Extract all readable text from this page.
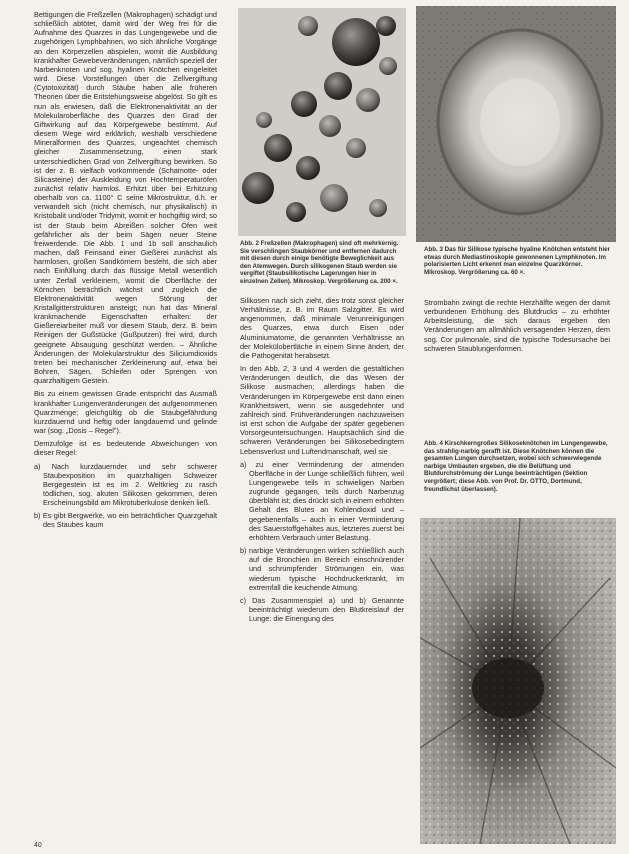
Bettigungen die Freßzellen (Makrophagen) schädigt und schließlich abtötet, damit wird der Weg frei für die Aufnahme des Quarzes in das Lungengewebe und die zugehörigen Lymphbahnen, wo sich ähnliche Vorgänge an den Körperzellen abspielen, womit die Ausbildung krankhafter Gewebeveränderungen, nämlich speziell der Narbenknoten und sog. hyalinen Knötchen eingeleitet wird. Diese Vorstellungen über die Zellvergiftung (Cytotoxizität) durch Stäube haben alle früheren Theorien über die Entstehungsweise abgelöst. So gilt es nun als erwiesen, daß die Elektronenaktivität an der Molekularoberfläche des Quarzes den Grad der Giftwirkung auf das Körpergewebe bestimmt. Auf diesem Wege wird erklärlich, weshalb verschiedene Mineralformen des Quarzes, ungeachtet chemisch gleicher Zusammensetzung, einen stark unterschiedlichen Grad von Zellvergiftung bewirken. So ist der z. B. vielfach vorkommende (Schamotte- oder Silicasteine) der Auskleidung von Hochtemperaturöfen zunächst relativ harmlos. Erhitzt über bei Erhitzung oberhalb von ca. 1100° C seine Mikrostruktur, d.h. er verwandelt sich (nicht chemisch, nur physikalisch) in Kristobalit und/oder Tridymit, womit er hochgiftig wird; so ist der Staub beim Abreißen solcher Öfen weit gefährlicher als der beim Sägen neuer Steine freiwerdende. Die Abb. 1 und 1b soll anschaulich machen, daß Feinsand einer Gießerei zunächst als harmlosen, großen Sandkörnern besteht, die sich aber nach Einfüllung durch das flüssige Metall wesentlich unter Zerfall verkleinern, womit die Oberfläche der Körnchen beträchtlich wächst und zugleich die Elektronenaktivität wegen Störung der Kristallgitterstrukturen ansteigt; nun hat das Mineral krankmachende Eigenschaften erhalten: der Gießereiarbeiter muß vor diesem Staub, derz. B. beim Reinigen der Gußstücke (Gußputzen) frei wird, durch geeignete Absaugung geschützt werden. – Ähnliche Änderungen der Molekularstruktur des Siliciumdioxids treten bei mechanischer Zerkleinerung auf, etwa bei Bohren, Sägen, Schleifen oder Sprengen von quarzhaltigem Gestein.

Bis zu einem gewissen Grade entspricht das Ausmaß krankhafter Lungenveränderungen der aufgenommenen Quarzmenge; gleichgültig ob die Staubgefährdung kurzdauernd und heftig oder langdauernd und gelinde war (sog. „Dosis – Regel").

Demzufolge ist es bedeutende Abweichungen von dieser Regel:

a) Nach kurzdauernder und sehr schwerer Staubexposition im quarzhaltigen Schweizer Bergegestein ist es im 2. Weltkrieg zu rasch tödlichen, sog. akuten Silikosen gekommen, deren Erscheinungsbild am Mikrotuberkulose denken ließ.
b) Es gibt Bergwerke, wo ein beträchtlicher Quarzgehalt des Staubes kaum
Abb. 2 Freßzellen (Makrophagen) sind oft mehrkernig. Sie verschlingen Staubkörner und entfernen dadurch mit diesen durch einige benötigte Beweglichkeit aus den Atemwegen. Durch silikogenen Staub werden sie vergiftet (Staubsilikotische Lagerungen hier in einzelnen Zellen). Mikroskop. Vergrößerung ca. 200 ×.
Abb. 3 Das für Silikose typische hyaline Knötchen entsteht hier etwas durch Mediastinoskopie gewonnenen Lymphknoten. Im polarisierten Licht erkennt man einzelne Quarzkörner. Mikroskop. Vergrößerung ca. 60 ×.

Silikosen nach sich zieht, dies trotz sonst gleicher Verhältnisse, z. B. im Raum Salzgitter. Es wird angenommen, daß minimale Verunreinigungen des Quarzes, etwa durch Eisen oder Aluminiumatome, die genannten Verhältnisse an der Molekülobertläche in einem Sinne ändert, der die Pathogenität herabsetzt.

In den Abb. 2, 3 und 4 werden die gestaltlichen Veränderungen deutlich, die das Wesen der Silikose ausmachen; allerdings haben die Veränderungen im Körpergewebe erst dann einen Krankheitswert, wenn sie ausgedehnter und zahlreich sind. Frühveränderungen nachzuweisen ist erst schon die Aufgabe der später gegebenen Vorsorgeuntersuchungen. Hauptsächlich sind die schweren Veränderungen bei Silikosebedingtem Lebensverlust und Luftendmanschaft, weil sie

a) zu einer Verminderung der atmenden Oberfläche in der Lunge schließlich führen, weil Lungengewebe teils in schwieligen Narben zugrunde gegangen, teils durch Narbenzug überbläht ist; dies drückt sich in einem erhöhten Gehalt des Blutes an Kohlendioxid und – gegebenenfalls – auch in einer Verminderung des Sauerstoffgehaltes aus, letzteres zuerst bei erhöhtem Verbrauch unter Belastung.
b) narbige Veränderungen wirken schließlich auch auf die Bronchien im Bereich einschnürender und schrumpfender Strömungen ein, was wiederum typische Hochdruckerkrankt, im extremfall die keuchende Atmung.
c) Das Zusammenspiel a) und b) Genannte beeinträchtigt wiederum den Blutkreislauf der Lunge: die Einengung des

Strombahn zwingt die rechte Herzhälfte wegen der damit verbundenen Erhöhung des Blutdrucks – zu erhöhter Arbeitsleistung, die sich daraus ergeben den Veränderungen am allmählich versagenden Herzen, dem sog. Cor pulmonale, sind die typische Todesursache bei schweren Staublungenformen.

Abb. 4 Kirschkerngroßes Silikoseknötchen im Lungengewebe, das strahlig-narbig gerafft ist. Diese Knötchen können die gesamten Lungen durchsetzen, wobei sich schwerwiegende narbige Umbauten ergeben, die die Belüftung und Blutdurchströmung der Lunge beeinträchtigen (Sektion vergrößert; diese Abb. von Prof. Dr. OTTO, Dortmund, freundlichst überlassen).
40
